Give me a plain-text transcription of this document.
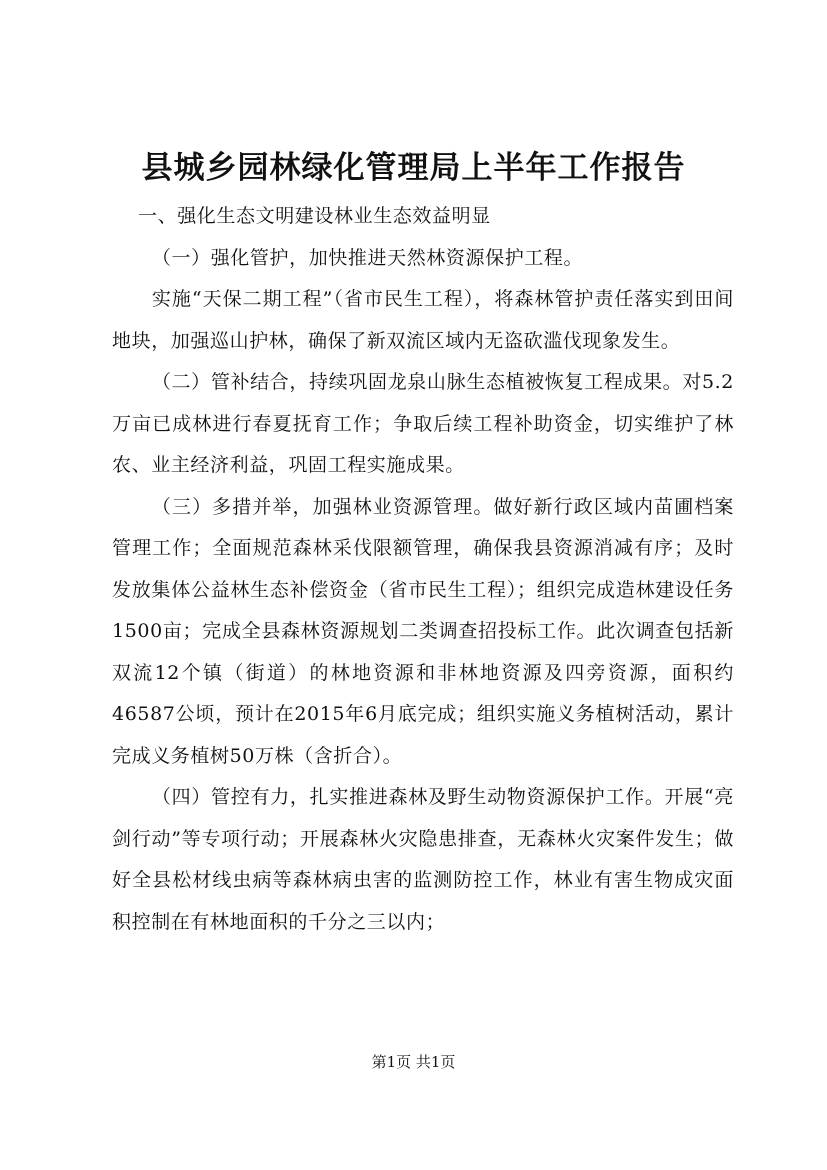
县城乡园林绿化管理局上半年工作报告

一、强化生态文明建设林业生态效益明显

（一）强化管护，加快推进天然林资源保护工程。

实施“天保二期工程”（省市民生工程），将森林管护责任落实到田间地块，加强巡山护林，确保了新双流区域内无盗砍滥伐现象发生。

（二）管补结合，持续巩固龙泉山脉生态植被恢复工程成果。对5.2万亩已成林进行春夏抚育工作；争取后续工程补助资金，切实维护了林农、业主经济利益，巩固工程实施成果。

（三）多措并举，加强林业资源管理。做好新行政区域内苗圃档案管理工作；全面规范森林采伐限额管理，确保我县资源消减有序；及时发放集体公益林生态补偿资金（省市民生工程）；组织完成造林建设任务1500亩；完成全县森林资源规划二类调查招投标工作。此次调查包括新双流12个镇（街道）的林地资源和非林地资源及四旁资源，面积约46587公顷，预计在2015年6月底完成；组织实施义务植树活动，累计完成义务植树50万株（含折合）。

（四）管控有力，扎实推进森林及野生动物资源保护工作。开展“亮剑行动”等专项行动；开展森林火灾隐患排查，无森林火灾案件发生；做好全县松材线虫病等森林病虫害的监测防控工作，林业有害生物成灾面积控制在有林地面积的千分之三以内；

第1页 共1页
